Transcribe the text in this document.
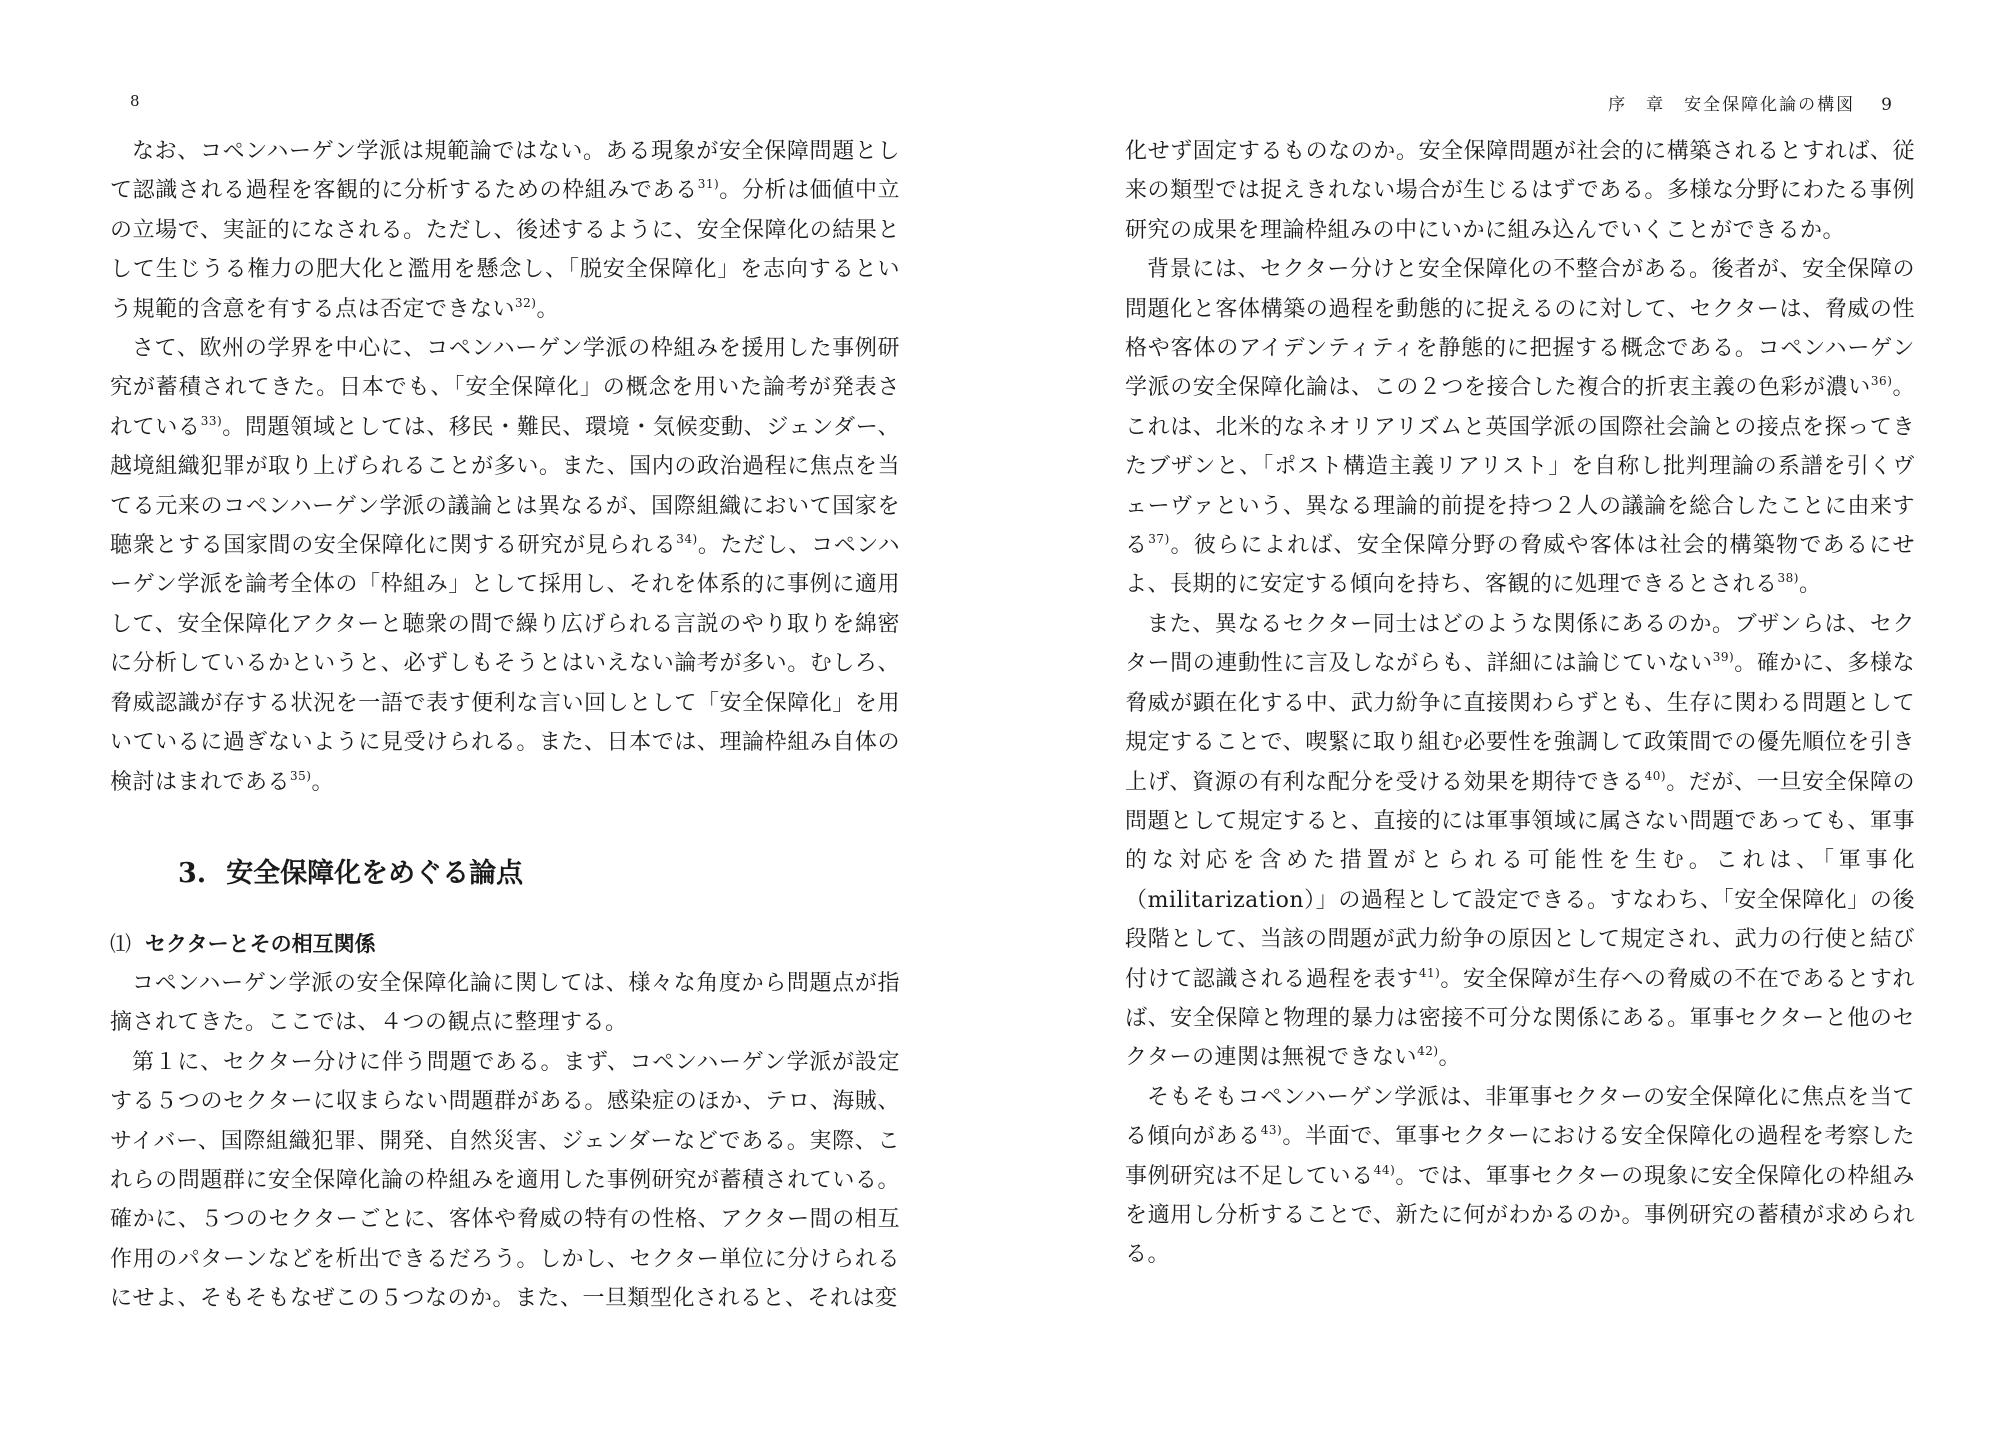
8

なお、コペンハーゲン学派は規範論ではない。ある現象が安全保障問題として認識される過程を客観的に分析するための枠組みである$^{31)}$。分析は価値中立の立場で、実証的になされる。ただし、後述するように、安全保障化の結果として生じうる権力の肥大化と濫用を懸念し、「脱安全保障化」を志向するという規範的含意を有する点は否定できない$^{32)}$。

さて、欧州の学界を中心に、コペンハーゲン学派の枠組みを援用した事例研究が蓄積されてきた。日本でも、「安全保障化」の概念を用いた論考が発表されている$^{33)}$。問題領域としては、移民・難民、環境・気候変動、ジェンダー、越境組織犯罪が取り上げられることが多い。また、国内の政治過程に焦点を当てる元来のコペンハーゲン学派の議論とは異なるが、国際組織において国家を聴衆とする国家間の安全保障化に関する研究が見られる$^{34)}$。ただし、コペンハーゲン学派を論考全体の「枠組み」として採用し、それを体系的に事例に適用して、安全保障化アクターと聴衆の間で繰り広げられる言説のやり取りを綿密に分析しているかというと、必ずしもそうとはいえない論考が多い。むしろ、脅威認識が存する状況を一語で表す便利な言い回しとして「安全保障化」を用いているに過ぎないように見受けられる。また、日本では、理論枠組み自体の検討はまれである$^{35)}$。

3. 安全保障化をめぐる論点
⑴ セクターとその相互関係

コペンハーゲン学派の安全保障化論に関しては、様々な角度から問題点が指摘されてきた。ここでは、４つの観点に整理する。

第１に、セクター分けに伴う問題である。まず、コペンハーゲン学派が設定する５つのセクターに収まらない問題群がある。感染症のほか、テロ、海賊、サイバー、国際組織犯罪、開発、自然災害、ジェンダーなどである。実際、これらの問題群に安全保障化論の枠組みを適用した事例研究が蓄積されている。確かに、５つのセクターごとに、客体や脅威の特有の性格、アクター間の相互作用のパターンなどを析出できるだろう。しかし、セクター単位に分けられるにせよ、そもそもなぜこの５つなのか。また、一旦類型化されると、それは変

序　章　安全保障化論の構図 9

化せず固定するものなのか。安全保障問題が社会的に構築されるとすれば、従来の類型では捉えきれない場合が生じるはずである。多様な分野にわたる事例研究の成果を理論枠組みの中にいかに組み込んでいくことができるか。

背景には、セクター分けと安全保障化の不整合がある。後者が、安全保障の問題化と客体構築の過程を動態的に捉えるのに対して、セクターは、脅威の性格や客体のアイデンティティを静態的に把握する概念である。コペンハーゲン学派の安全保障化論は、この２つを接合した複合的折衷主義の色彩が濃い$^{36)}$。これは、北米的なネオリアリズムと英国学派の国際社会論との接点を探ってきたブザンと、「ポスト構造主義リアリスト」を自称し批判理論の系譜を引くヴェーヴァという、異なる理論的前提を持つ２人の議論を総合したことに由来する$^{37)}$。彼らによれば、安全保障分野の脅威や客体は社会的構築物であるにせよ、長期的に安定する傾向を持ち、客観的に処理できるとされる$^{38)}$。

また、異なるセクター同士はどのような関係にあるのか。ブザンらは、セクター間の連動性に言及しながらも、詳細には論じていない$^{39)}$。確かに、多様な脅威が顕在化する中、武力紛争に直接関わらずとも、生存に関わる問題として規定することで、喫緊に取り組む必要性を強調して政策間での優先順位を引き上げ、資源の有利な配分を受ける効果を期待できる$^{40)}$。だが、一旦安全保障の問題として規定すると、直接的には軍事領域に属さない問題であっても、軍事的な対応を含めた措置がとられる可能性を生む。これは、「軍事化（militarization）」の過程として設定できる。すなわち、「安全保障化」の後段階として、当該の問題が武力紛争の原因として規定され、武力の行使と結び付けて認識される過程を表す$^{41)}$。安全保障が生存への脅威の不在であるとすれば、安全保障と物理的暴力は密接不可分な関係にある。軍事セクターと他のセクターの連関は無視できない$^{42)}$。

そもそもコペンハーゲン学派は、非軍事セクターの安全保障化に焦点を当てる傾向がある$^{43)}$。半面で、軍事セクターにおける安全保障化の過程を考察した事例研究は不足している$^{44)}$。では、軍事セクターの現象に安全保障化の枠組みを適用し分析することで、新たに何がわかるのか。事例研究の蓄積が求められる。
